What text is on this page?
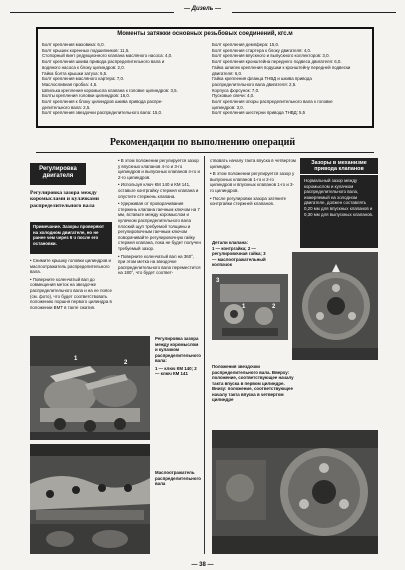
— Дизель —
Моменты затяжки основных резьбовых соединений, кгс.м
Болт крепления маховика: 6,0.
Болт крышек коренных подшипников: 11,5.
Стопорный винт редукционного клапана масляного насоса: 4,0.
Болт крепления шкива привода распределительного вала и
водяного насоса к блоку цилиндров: 2,0.
Гайка болта крышки затуха: 6,5.
Болт крепления масляного картера: 7,0.
Маслосливная пробка: 4,5.
Шпилька крепления коромысла клапана к головке цилиндров: 3,5.
Болты крепления головки цилиндров: 16,0.
Болт крепления к блоку цилиндров шкива привода распре-
делительного вала: 2,5.
Болт крепления звездочки распределительного вала: 15,0.
Болт крепления демпфера: 15,0.
Болт крепления стартера к блоку двигателя: 4,0.
Болт крепления впускного и выпускного коллекторов: 3,0.
Болт крепления кронштейна переднего подвеса двигателя: 6,0.
Гайка шпилек крепления подушки к кронштейну передней подвески
двигателя: 6,0.
Гайка крепления фланца ТНВД и шкива привода
распределительного вала двигателя: 2,5.
Корпуса форсунок: 7,0.
Пусковые свечи: 4,0.
Болт крепления опоры распределительного вала к головке
цилиндров: 3,0.
Болт крепления шестерни привода ТНВД: 5,5
Рекомендации по выполнению операций
Регулировка двигателя
Регулировка зазора между коромыслами и кулачками распределительного вала
Примечание. Зазоры проверяют на холодном двигателе, но не ранее чем через 6 ч после его остановки.

• Снимите крышку головки цилиндров и маслоотражатель распределительного вала.

• Поверните коленчатый вал до совмещения меток на звездочке распределительного вала и на ее поясе (см. фото), что будет соответствовать положению поршня первого цилиндра в положении ВМТ в такте сжатия.

• В этом положении регулируется зазор у впускных клапанов 4-го и 3-го цилиндров и выпускных клапанов 4-го и 2-го цилиндров.

• Используя ключ КМ 140 и КМ 141, оставьте контргайку стержня клапана и опустите стержень клапана.

• Удерживая от проворачивания стержень клапана гаечным ключом на 7 мм, вставьте между коромыслом и кулачком распределительного вала плоский щуп требуемой толщины и регулировочным гаечным ключом поворачивайте регулировочную гайку стержня клапана, пока не будет получен требуемый зазор.

• Поверните коленчатый вал на 360°, при этом метка на звездочке распределительного вала переместится на 180°, что будет соответ-

1
2
Регулировка зазора между коромыслом и кулачком распределительного вала:
1 — ключ КМ 140; 2 — ключ КМ 141
Маслоотражатель распределительного вала

ствовать началу такта впуска в четвертом цилиндре.

• В этом положении регулируется зазор у выпускных клапанов 1-го и 2-го цилиндров и впускных клапанов 1-го и 3-го цилиндров.

• После регулировки зазора затяните контргайки стержней клапанов.

Зазоры в механизме привода клапанов
Нормальный зазор между коромыслом и кулачком распределительного вала, измеряемый на холодном двигателе, должен составлять 0,20 мм для впускных клапанов и 0,30 мм для выпускных клапанов.
Детали клапана:
1 — контргайка; 2 — регулировочная гайка; 3 — маслоотражательный колпачок
3
1	2
Положения звездочки распределительного вала. Вверху: положение, соответствующее началу такта впуска в первом цилиндре. Внизу: положение, соответствующее началу такта впуска в четвертом цилиндре
— 38 —
